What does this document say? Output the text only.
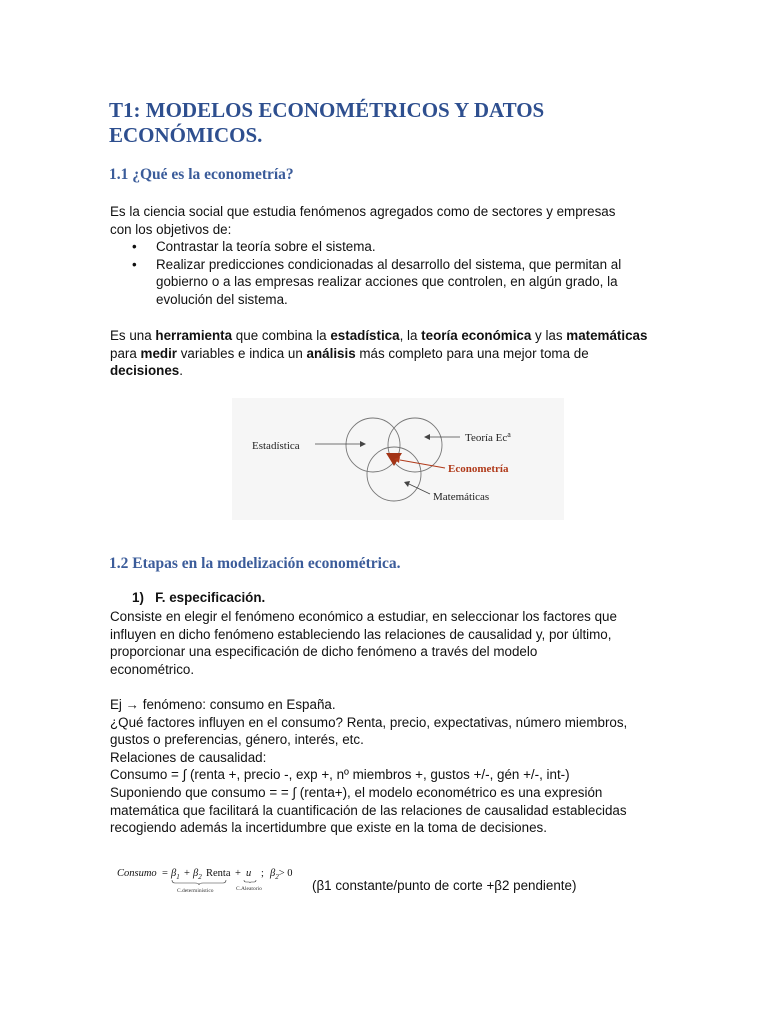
T1: MODELOS ECONOMÉTRICOS Y DATOS
ECONÓMICOS.
1.1 ¿Qué es la econometría?
Es la ciencia social que estudia fenómenos agregados como de sectores y empresas
con los objetivos de:
• Contrastar la teoría sobre el sistema.
• Realizar predicciones condicionadas al desarrollo del sistema, que permitan al
gobierno o a las empresas realizar acciones que controlen, en algún grado, la
evolución del sistema.
Es una herramienta que combina la estadística, la teoría económica y las matemáticas
para medir variables e indica un análisis más completo para una mejor toma de
decisiones.
Estadística
Teoría Ec$^a$
Econometría
Matemáticas
1.2 Etapas en la modelización econométrica.
1) F. especificación.
Consiste en elegir el fenómeno económico a estudiar, en seleccionar los factores que
influyen en dicho fenómeno estableciendo las relaciones de causalidad y, por último,
proporcionar una especificación de dicho fenómeno a través del modelo
econométrico.
Ej → fenómeno: consumo en España.
¿Qué factores influyen en el consumo? Renta, precio, expectativas, número miembros,
gustos o preferencias, género, interés, etc.
Relaciones de causalidad:
Consumo = ∫ (renta +, precio -, exp +, nº miembros +, gustos +/-, gén +/-, int-)
Suponiendo que consumo = = ∫ (renta+), el modelo econométrico es una expresión
matemática que facilitará la cuantificación de las relaciones de causalidad establecidas
recogiendo además la incertidumbre que existe en la toma de decisiones.
Consumo = $\beta_1 + \beta_2$ Renta + u ; $\beta_2> 0$
C.determinístico	C.Aleatorio	(β1 constante/punto de corte +β2 pendiente)
